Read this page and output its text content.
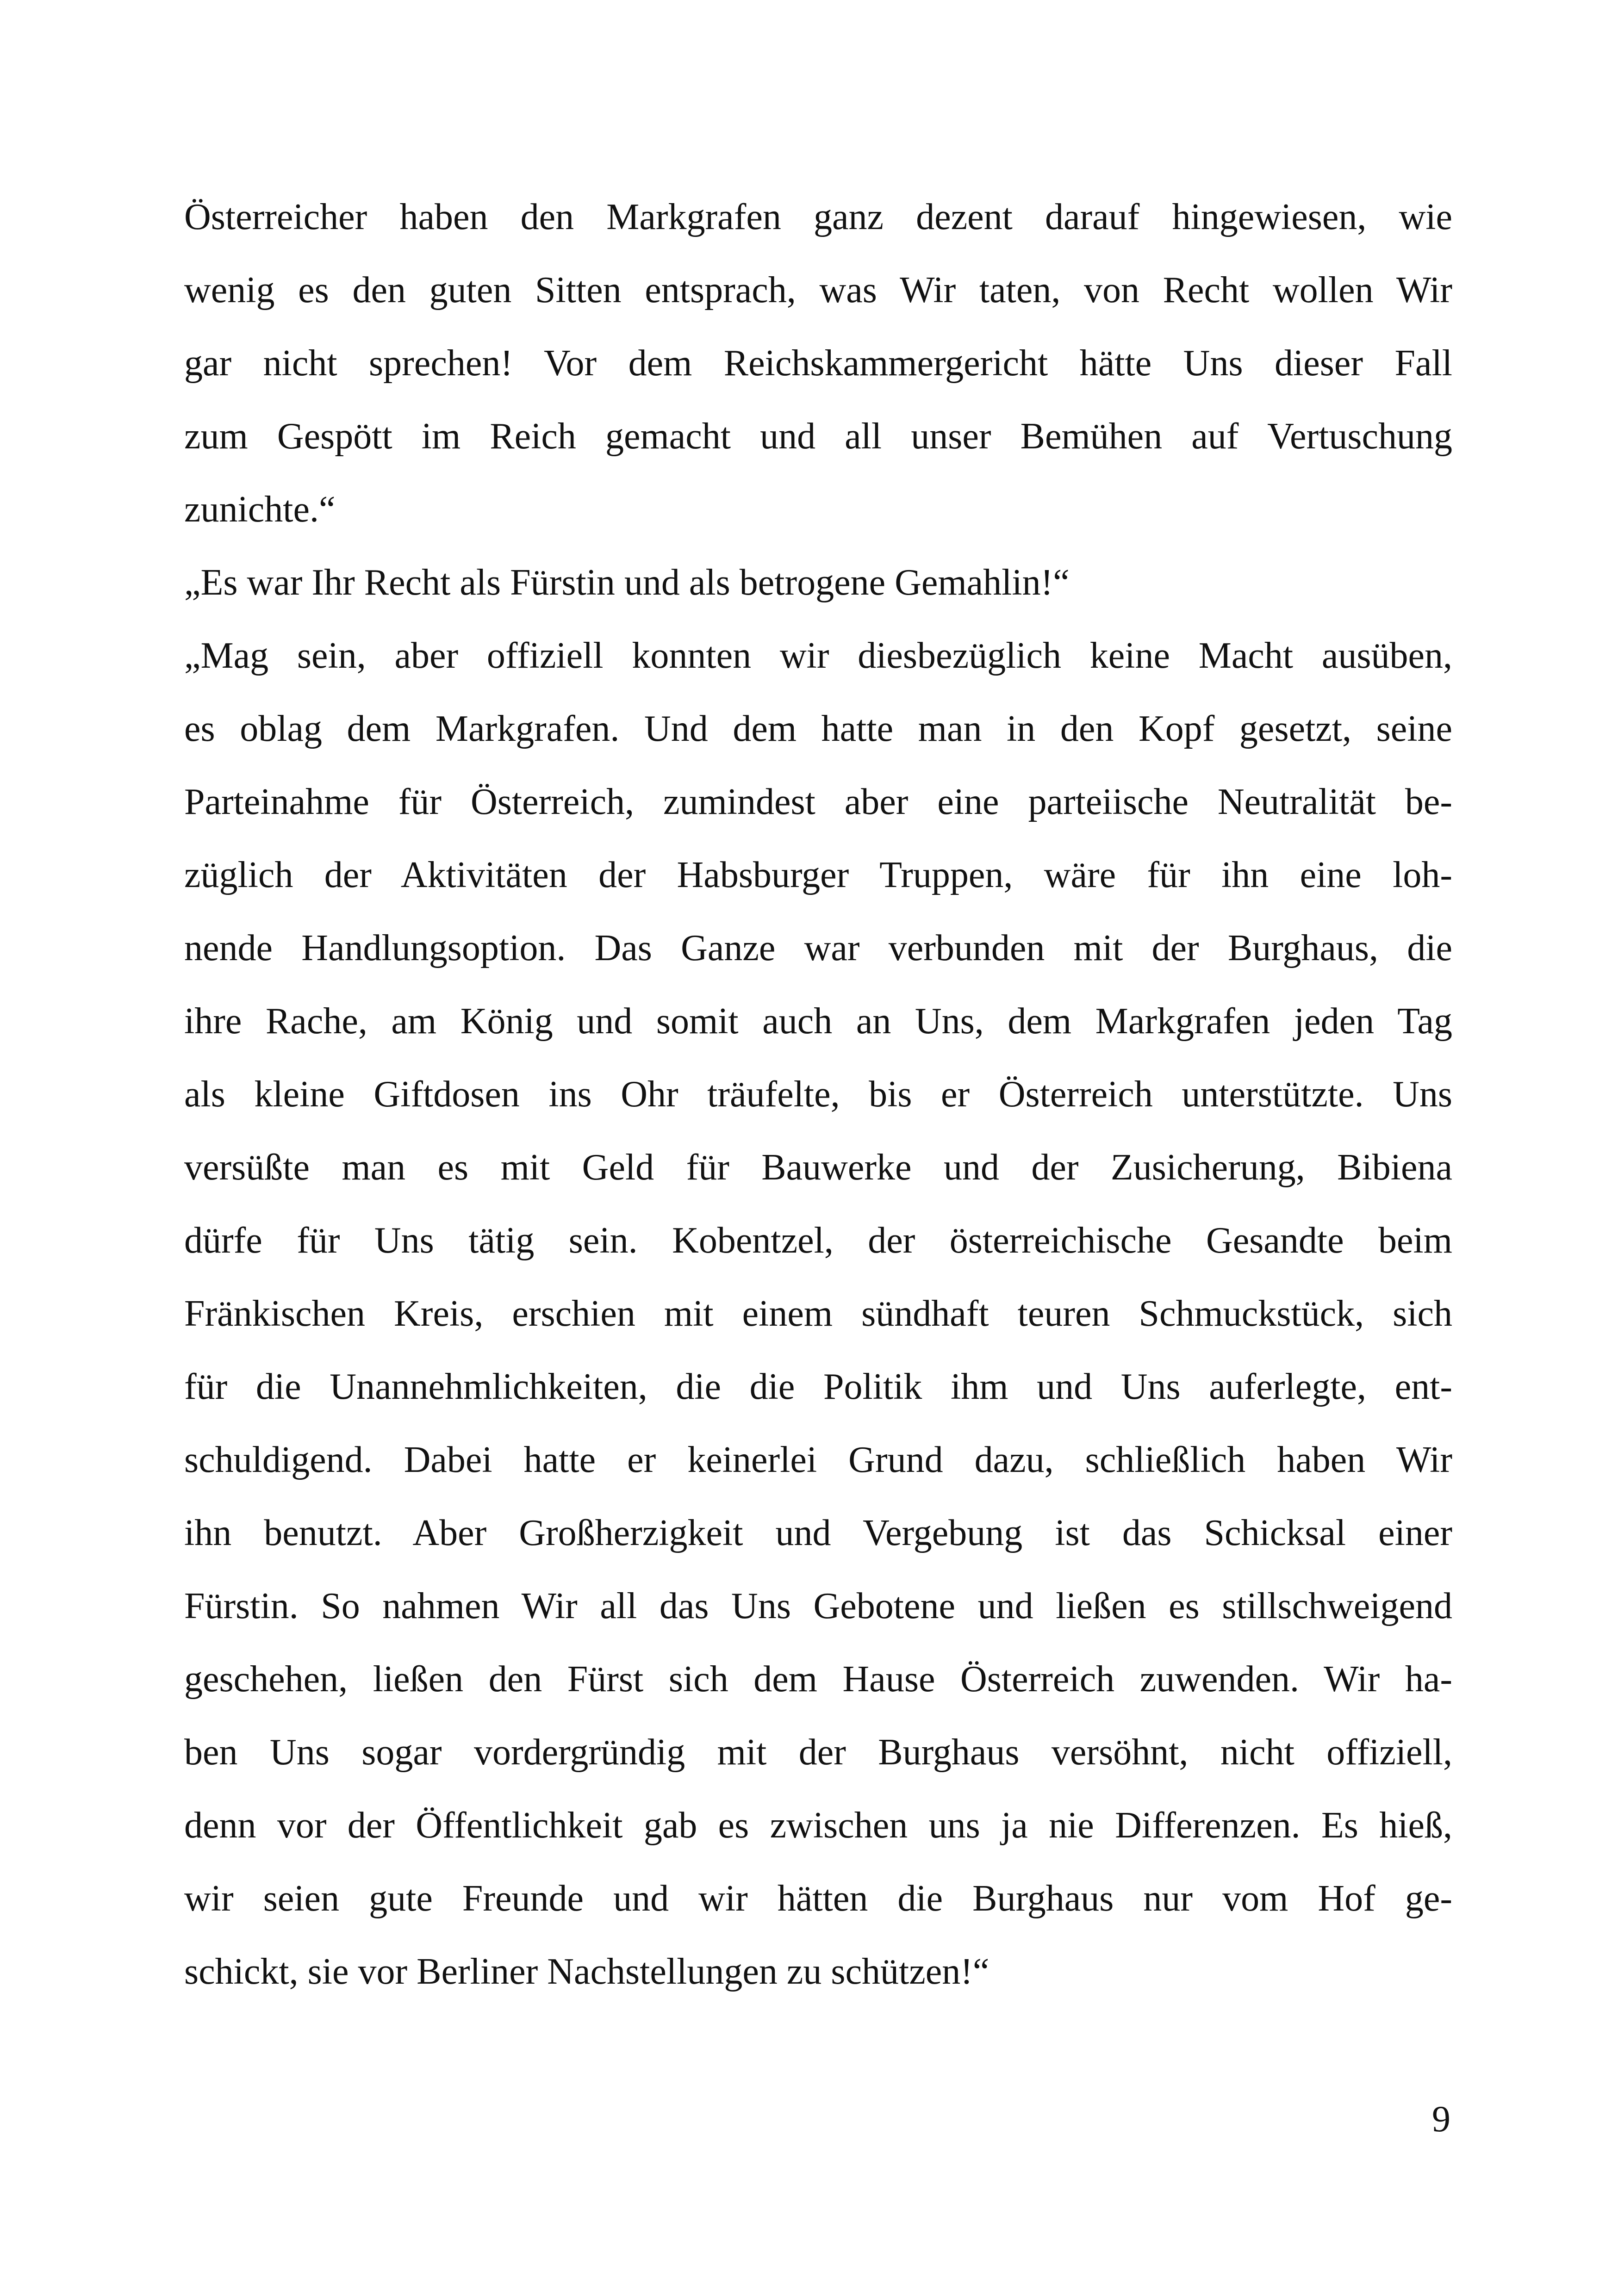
Österreicher haben den Markgrafen ganz dezent darauf hingewiesen, wie
wenig es den guten Sitten entsprach, was Wir taten, von Recht wollen Wir
gar nicht sprechen! Vor dem Reichskammergericht hätte Uns dieser Fall
zum Gespött im Reich gemacht und all unser Bemühen auf Vertuschung
zunichte.“
„Es war Ihr Recht als Fürstin und als betrogene Gemahlin!“
„Mag sein, aber offiziell konnten wir diesbezüglich keine Macht ausüben,
es oblag dem Markgrafen. Und dem hatte man in den Kopf gesetzt, seine
Parteinahme für Österreich, zumindest aber eine parteiische Neutralität be-
züglich der Aktivitäten der Habsburger Truppen, wäre für ihn eine loh-
nende Handlungsoption. Das Ganze war verbunden mit der Burghaus, die
ihre Rache, am König und somit auch an Uns, dem Markgrafen jeden Tag
als kleine Giftdosen ins Ohr träufelte, bis er Österreich unterstützte. Uns
versüßte man es mit Geld für Bauwerke und der Zusicherung, Bibiena
dürfe für Uns tätig sein. Kobentzel, der österreichische Gesandte beim
Fränkischen Kreis, erschien mit einem sündhaft teuren Schmuckstück, sich
für die Unannehmlichkeiten, die die Politik ihm und Uns auferlegte, ent-
schuldigend. Dabei hatte er keinerlei Grund dazu, schließlich haben Wir
ihn benutzt. Aber Großherzigkeit und Vergebung ist das Schicksal einer
Fürstin. So nahmen Wir all das Uns Gebotene und ließen es stillschweigend
geschehen, ließen den Fürst sich dem Hause Österreich zuwenden. Wir ha-
ben Uns sogar vordergründig mit der Burghaus versöhnt, nicht offiziell,
denn vor der Öffentlichkeit gab es zwischen uns ja nie Differenzen. Es hieß,
wir seien gute Freunde und wir hätten die Burghaus nur vom Hof ge-
schickt, sie vor Berliner Nachstellungen zu schützen!“
9
